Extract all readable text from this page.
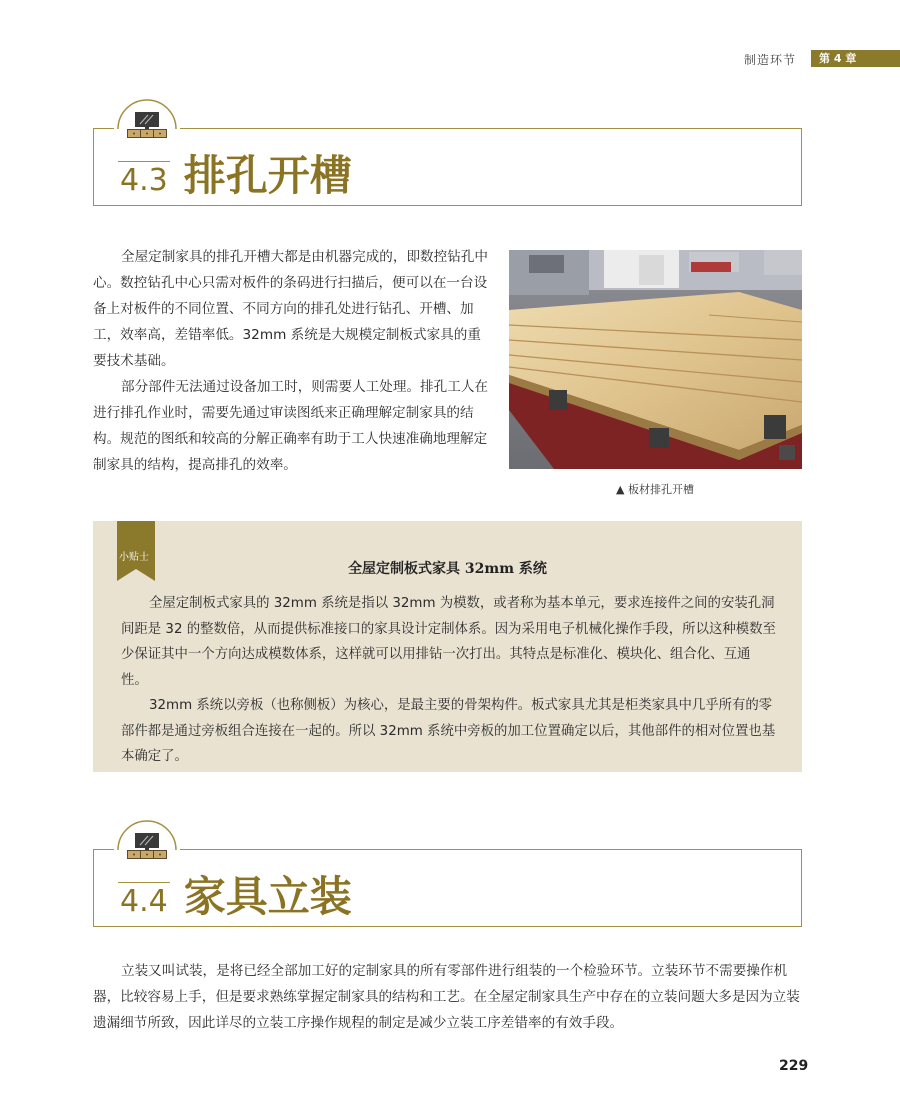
制造环节	第 4 章
4.3 排孔开槽

全屋定制家具的排孔开槽大都是由机器完成的，即数控钻孔中心。数控钻孔中心只需对板件的条码进行扫描后，便可以在一台设备上对板件的不同位置、不同方向的排孔处进行钻孔、开槽、加工，效率高，差错率低。32mm 系统是大规模定制板式家具的重要技术基础。

部分部件无法通过设备加工时，则需要人工处理。排孔工人在进行排孔作业时，需要先通过审读图纸来正确理解定制家具的结构。规范的图纸和较高的分解正确率有助于工人快速准确地理解定制家具的结构，提高排孔的效率。

▲ 板材排孔开槽
小贴士
全屋定制板式家具 32mm 系统

全屋定制板式家具的 32mm 系统是指以 32mm 为模数，或者称为基本单元，要求连接件之间的安装孔洞间距是 32 的整数倍，从而提供标准接口的家具设计定制体系。因为采用电子机械化操作手段，所以这种模数至少保证其中一个方向达成模数体系，这样就可以用排钻一次打出。其特点是标准化、模块化、组合化、互通性。

32mm 系统以旁板（也称侧板）为核心，是最主要的骨架构件。板式家具尤其是柜类家具中几乎所有的零部件都是通过旁板组合连接在一起的。所以 32mm 系统中旁板的加工位置确定以后，其他部件的相对位置也基本确定了。

4.4 家具立装

立装又叫试装，是将已经全部加工好的定制家具的所有零部件进行组装的一个检验环节。立装环节不需要操作机器，比较容易上手，但是要求熟练掌握定制家具的结构和工艺。在全屋定制家具生产中存在的立装问题大多是因为立装遗漏细节所致，因此详尽的立装工序操作规程的制定是减少立装工序差错率的有效手段。

229
